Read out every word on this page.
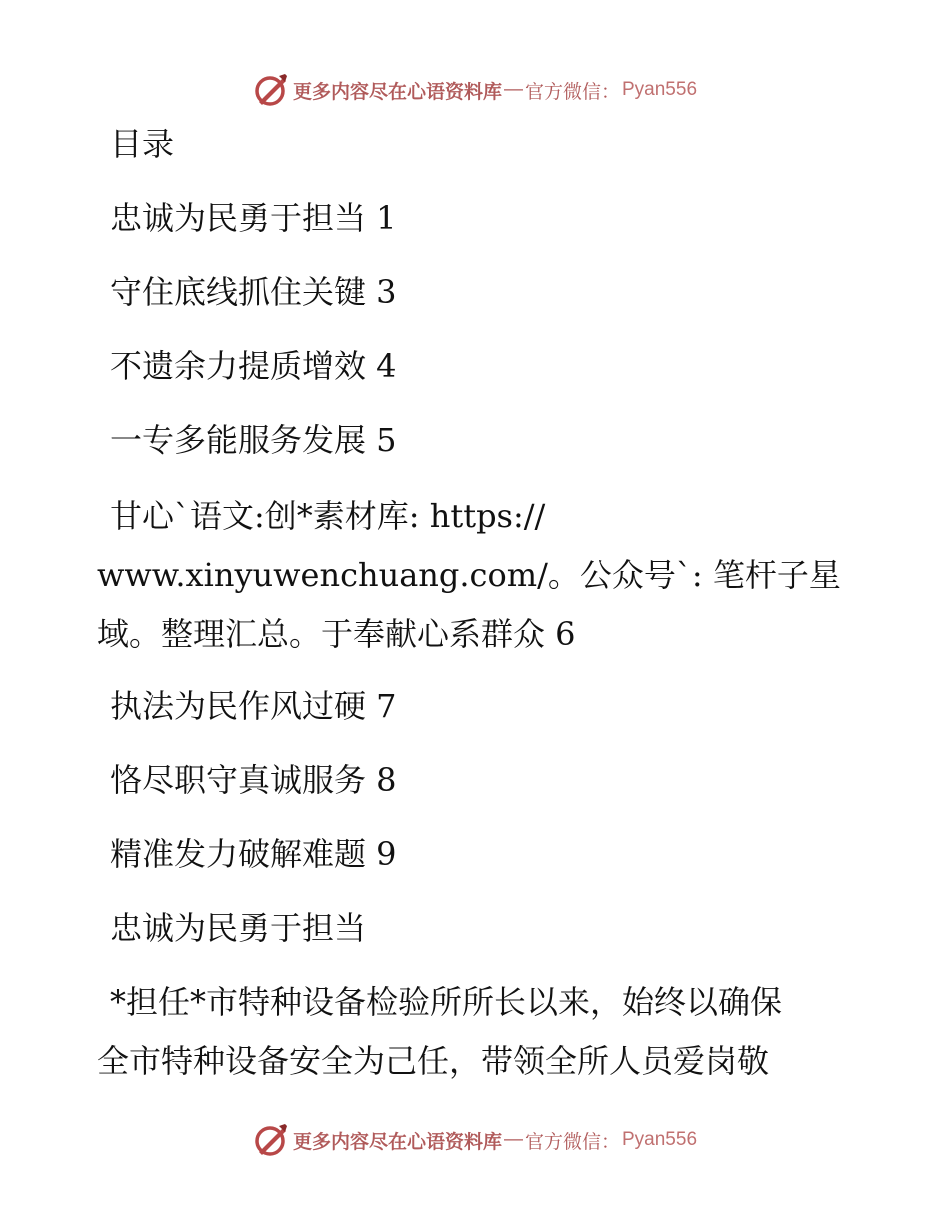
更多内容尽在心语资料库 — 官方微信： Pyan556
目录
忠诚为民勇于担当 1
守住底线抓住关键 3
不遗余力提质增效 4
一专多能服务发展 5
甘心`语文:创*素材库: https://
www.xinyuwenchuang.com/。公众号`: 笔杆子星
域。整理汇总。于奉献心系群众 6
执法为民作风过硬 7
恪尽职守真诚服务 8
精准发力破解难题 9
忠诚为民勇于担当
*担任*市特种设备检验所所长以来，始终以确保
全市特种设备安全为己任，带领全所人员爱岗敬
更多内容尽在心语资料库 — 官方微信： Pyan556
